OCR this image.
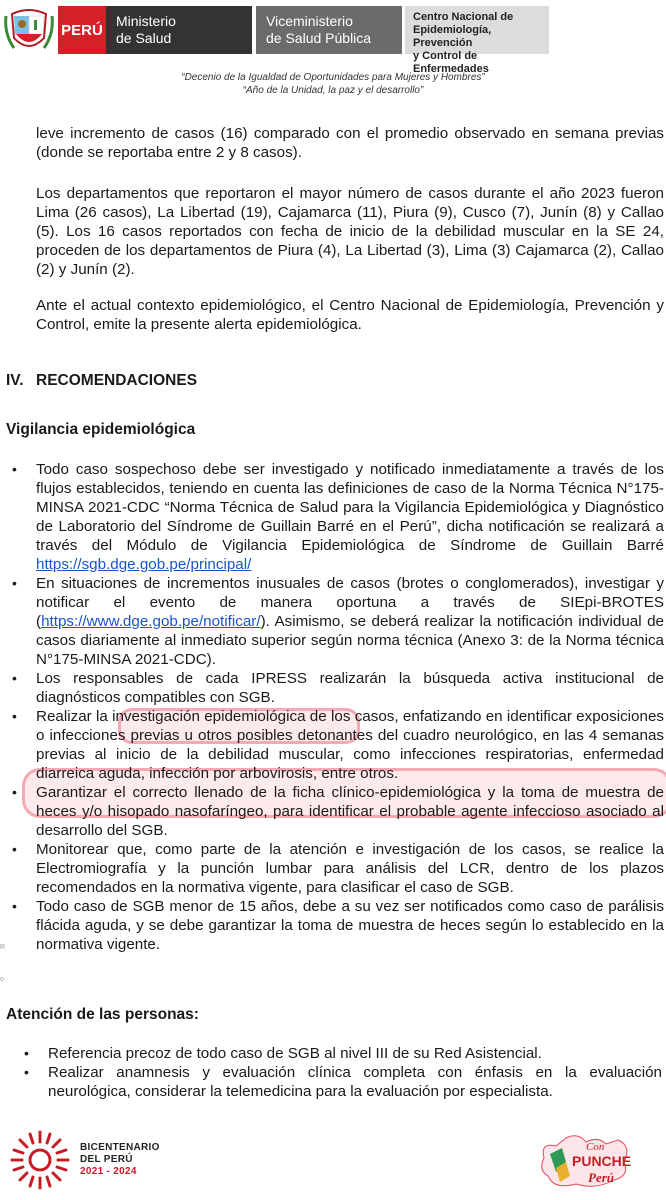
PERÚ
Ministerio
de Salud
Viceministerio
de Salud Pública
Centro Nacional de
Epidemiología, Prevención
y Control de Enfermedades
“Decenio de la Igualdad de Oportunidades para Mujeres y Hombres”
“Año de la Unidad, la paz y el desarrollo”
leve incremento de casos (16) comparado con el promedio observado en semana previas (donde se reportaba entre 2 y 8 casos).
Los departamentos que reportaron el mayor número de casos durante el año 2023 fueron Lima (26 casos), La Libertad (19), Cajamarca (11), Piura (9), Cusco (7), Junín (8) y Callao (5). Los 16 casos reportados con fecha de inicio de la debilidad muscular en la SE 24, proceden de los departamentos de Piura (4), La Libertad (3), Lima (3) Cajamarca (2), Callao (2) y Junín (2).
Ante el actual contexto epidemiológico, el Centro Nacional de Epidemiología, Prevención y Control, emite la presente alerta epidemiológica.
IV. RECOMENDACIONES
Vigilancia epidemiológica
• Todo caso sospechoso debe ser investigado y notificado inmediatamente a través de los flujos establecidos, teniendo en cuenta las definiciones de caso de la Norma Técnica N°175-MINSA 2021-CDC “Norma Técnica de Salud para la Vigilancia Epidemiológica y Diagnóstico de Laboratorio del Síndrome de Guillain Barré en el Perú”, dicha notificación se realizará a través del Módulo de Vigilancia Epidemiológica de Síndrome de Guillain Barré https://sgb.dge.gob.pe/principal/
• En situaciones de incrementos inusuales de casos (brotes o conglomerados), investigar y notificar el evento de manera oportuna a través de SIEpi-BROTES (https://www.dge.gob.pe/notificar/). Asimismo, se deberá realizar la notificación individual de casos diariamente al inmediato superior según norma técnica (Anexo 3: de la Norma técnica N°175-MINSA 2021-CDC).
• Los responsables de cada IPRESS realizarán la búsqueda activa institucional de diagnósticos compatibles con SGB.
• Realizar la investigación epidemiológica de los casos, enfatizando en identificar exposiciones o infecciones previas u otros posibles detonantes del cuadro neurológico, en las 4 semanas previas al inicio de la debilidad muscular, como infecciones respiratorias, enfermedad diarreica aguda, infección por arbovirosis, entre otros.
• Garantizar el correcto llenado de la ficha clínico-epidemiológica y la toma de muestra de heces y/o hisopado nasofaríngeo, para identificar el probable agente infeccioso asociado al desarrollo del SGB.
• Monitorear que, como parte de la atención e investigación de los casos, se realice la Electromiografía y la punción lumbar para análisis del LCR, dentro de los plazos recomendados en la normativa vigente, para clasificar el caso de SGB.
• Todo caso de SGB menor de 15 años, debe a su vez ser notificados como caso de parálisis flácida aguda, y se debe garantizar la toma de muestra de heces según lo establecido en la normativa vigente.
R
o
Atención de las personas:
• Referencia precoz de todo caso de SGB al nivel III de su Red Asistencial.
• Realizar anamnesis y evaluación clínica completa con énfasis en la evaluación neurológica, considerar la telemedicina para la evaluación por especialista.
BICENTENARIO
DEL PERÚ
2021 - 2024
Con
PUNCHE
Perú
